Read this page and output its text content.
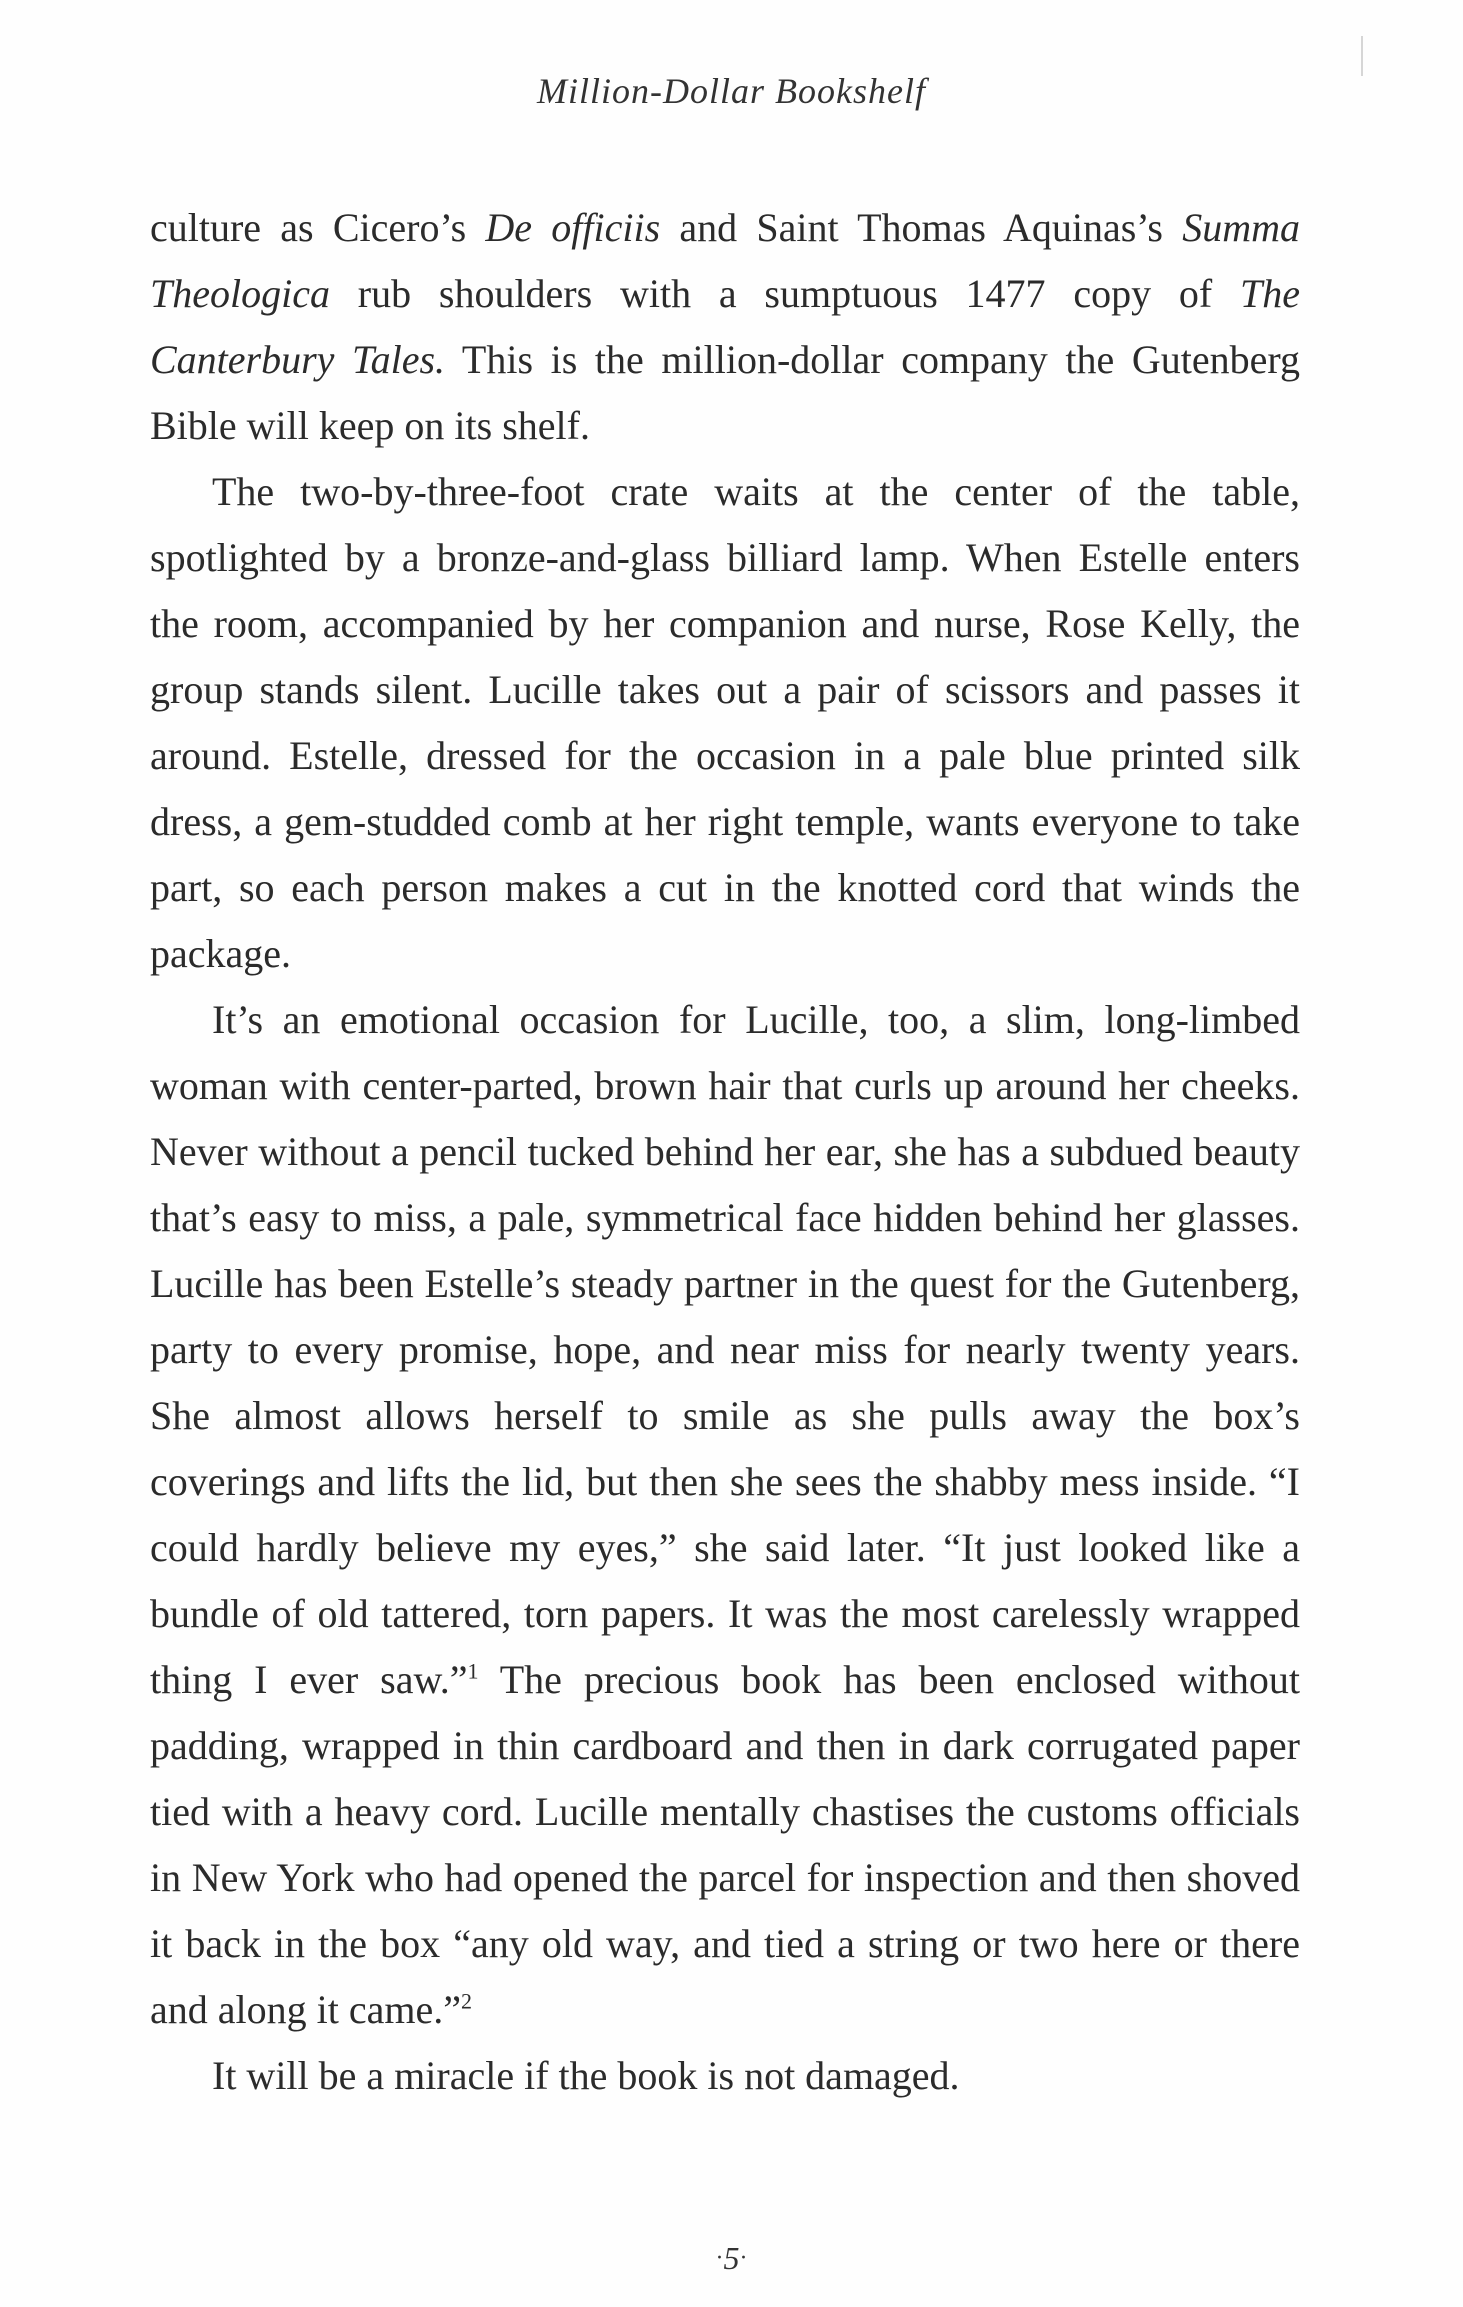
Million-Dollar Bookshelf

culture as Cicero’s De officiis and Saint Thomas Aquinas’s Summa Theologica rub shoulders with a sumptuous 1477 copy of The Canterbury Tales. This is the million-dollar company the Gutenberg Bible will keep on its shelf.

The two-by-three-foot crate waits at the center of the table, spotlighted by a bronze-and-glass billiard lamp. When Estelle enters the room, accompanied by her companion and nurse, Rose Kelly, the group stands silent. Lucille takes out a pair of scissors and passes it around. Estelle, dressed for the occasion in a pale blue printed silk dress, a gem-studded comb at her right temple, wants everyone to take part, so each person makes a cut in the knotted cord that winds the package.

It’s an emotional occasion for Lucille, too, a slim, long-limbed woman with center-parted, brown hair that curls up around her cheeks. Never without a pencil tucked behind her ear, she has a subdued beauty that’s easy to miss, a pale, symmetrical face hidden behind her glasses. Lucille has been Estelle’s steady partner in the quest for the Gutenberg, party to every promise, hope, and near miss for nearly twenty years. She almost allows herself to smile as she pulls away the box’s coverings and lifts the lid, but then she sees the shabby mess inside. “I could hardly believe my eyes,” she said later. “It just looked like a bundle of old tattered, torn papers. It was the most carelessly wrapped thing I ever saw.”$^1$ The precious book has been enclosed without padding, wrapped in thin cardboard and then in dark corrugated paper tied with a heavy cord. Lucille mentally chastises the customs officials in New York who had opened the parcel for inspection and then shoved it back in the box “any old way, and tied a string or two here or there and along it came.”$^2$

It will be a miracle if the book is not damaged.

·5·
